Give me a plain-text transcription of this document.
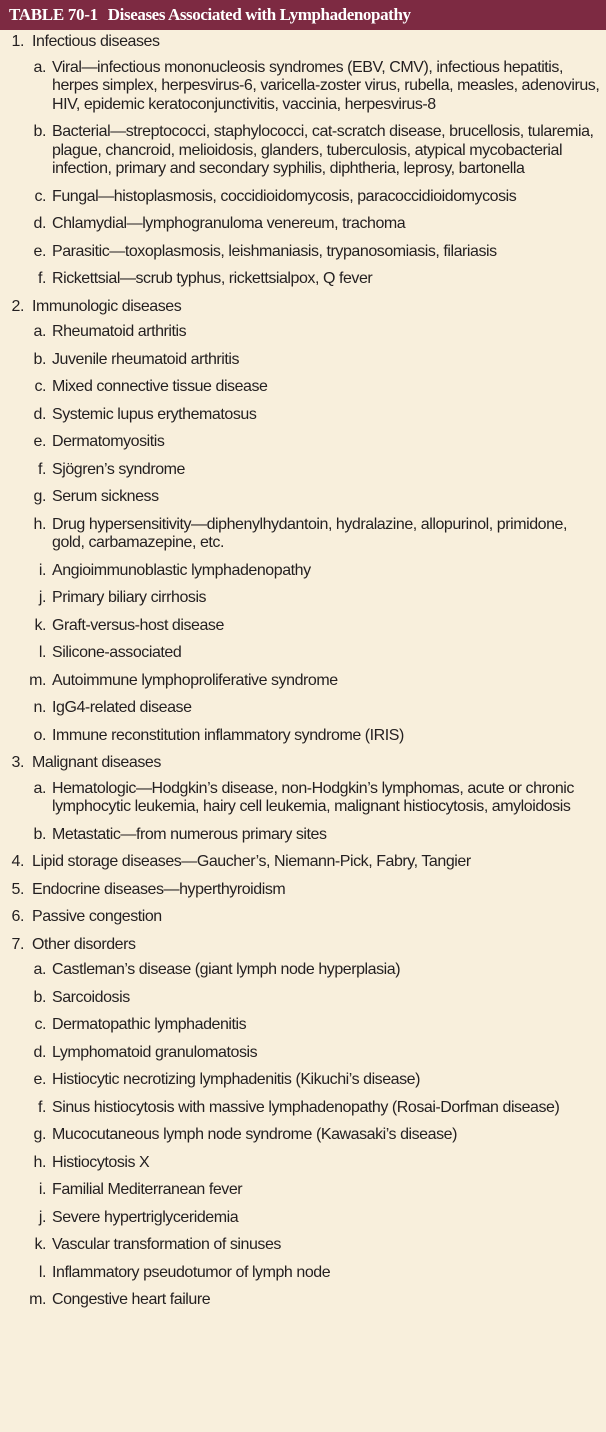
TABLE 70-1 Diseases Associated with Lymphadenopathy
1. Infectious diseases
a. Viral—infectious mononucleosis syndromes (EBV, CMV), infectious hepatitis, herpes simplex, herpesvirus-6, varicella-zoster virus, rubella, measles, adenovirus, HIV, epidemic keratoconjunctivitis, vaccinia, herpesvirus-8
b. Bacterial—streptococci, staphylococci, cat-scratch disease, brucellosis, tularemia, plague, chancroid, melioidosis, glanders, tuberculosis, atypical mycobacterial infection, primary and secondary syphilis, diphtheria, leprosy, bartonella
c. Fungal—histoplasmosis, coccidioidomycosis, paracoccidioidomycosis
d. Chlamydial—lymphogranuloma venereum, trachoma
e. Parasitic—toxoplasmosis, leishmaniasis, trypanosomiasis, filariasis
f. Rickettsial—scrub typhus, rickettsialpox, Q fever
2. Immunologic diseases
a. Rheumatoid arthritis
b. Juvenile rheumatoid arthritis
c. Mixed connective tissue disease
d. Systemic lupus erythematosus
e. Dermatomyositis
f. Sjögren’s syndrome
g. Serum sickness
h. Drug hypersensitivity—diphenylhydantoin, hydralazine, allopurinol, primidone, gold, carbamazepine, etc.
i. Angioimmunoblastic lymphadenopathy
j. Primary biliary cirrhosis
k. Graft-versus-host disease
l. Silicone-associated
m. Autoimmune lymphoproliferative syndrome
n. IgG4-related disease
o. Immune reconstitution inflammatory syndrome (IRIS)
3. Malignant diseases
a. Hematologic—Hodgkin’s disease, non-Hodgkin’s lymphomas, acute or chronic lymphocytic leukemia, hairy cell leukemia, malignant histiocytosis, amyloidosis
b. Metastatic—from numerous primary sites
4. Lipid storage diseases—Gaucher’s, Niemann-Pick, Fabry, Tangier
5. Endocrine diseases—hyperthyroidism
6. Passive congestion
7. Other disorders
a. Castleman’s disease (giant lymph node hyperplasia)
b. Sarcoidosis
c. Dermatopathic lymphadenitis
d. Lymphomatoid granulomatosis
e. Histiocytic necrotizing lymphadenitis (Kikuchi’s disease)
f. Sinus histiocytosis with massive lymphadenopathy (Rosai-Dorfman disease)
g. Mucocutaneous lymph node syndrome (Kawasaki’s disease)
h. Histiocytosis X
i. Familial Mediterranean fever
j. Severe hypertriglyceridemia
k. Vascular transformation of sinuses
l. Inflammatory pseudotumor of lymph node
m. Congestive heart failure
